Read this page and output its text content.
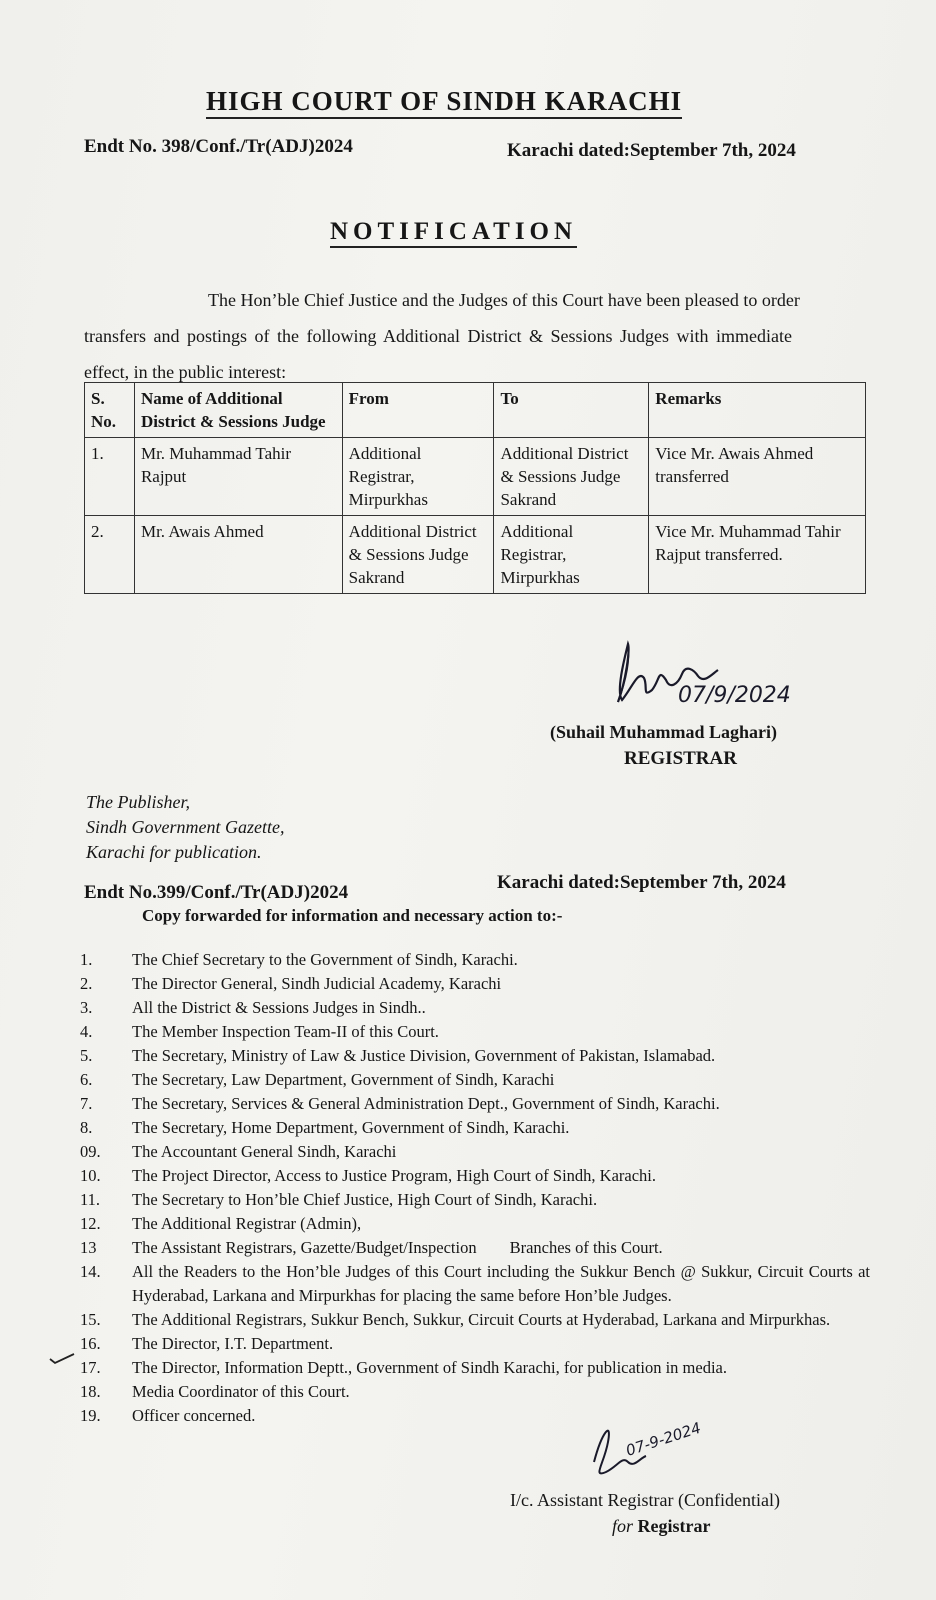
HIGH COURT OF SINDH KARACHI
Endt No. 398/Conf./Tr(ADJ)2024	Karachi dated:September 7th, 2024
NOTIFICATION
The Hon’ble Chief Justice and the Judges of this Court have been pleased to order
transfers and postings of the following Additional District & Sessions Judges with immediate
effect, in the public interest:
S. No.	Name of Additional District & Sessions Judge	From	To	Remarks
1.	Mr. Muhammad Tahir Rajput	Additional Registrar, Mirpurkhas	Additional District & Sessions Judge Sakrand	Vice Mr. Awais Ahmed transferred
2.	Mr. Awais Ahmed	Additional District & Sessions Judge Sakrand	Additional Registrar, Mirpurkhas	Vice Mr. Muhammad Tahir Rajput transferred.
07/9/2024
(Suhail Muhammad Laghari)
REGISTRAR
The Publisher,
Sindh Government Gazette,
Karachi for publication.
Endt No.399/Conf./Tr(ADJ)2024	Karachi dated:September 7th, 2024
Copy forwarded for information and necessary action to:-
1.	The Chief Secretary to the Government of Sindh, Karachi.
2.	The Director General, Sindh Judicial Academy, Karachi
3.	All the District & Sessions Judges in Sindh..
4.	The Member Inspection Team-II of this Court.
5.	The Secretary, Ministry of Law & Justice Division, Government of Pakistan, Islamabad.
6.	The Secretary, Law Department, Government of Sindh, Karachi
7.	The Secretary, Services & General Administration Dept., Government of Sindh, Karachi.
8.	The Secretary, Home Department, Government of Sindh, Karachi.
09.	The Accountant General Sindh, Karachi
10.	The Project Director, Access to Justice Program, High Court of Sindh, Karachi.
11.	The Secretary to Hon’ble Chief Justice, High Court of Sindh, Karachi.
12.	The Additional Registrar (Admin),
13	The Assistant Registrars, Gazette/Budget/Inspection        Branches of this Court.
14.	All the Readers to the Hon’ble Judges of this Court including the Sukkur Bench @ Sukkur, Circuit Courts at Hyderabad, Larkana and Mirpurkhas for placing the same before Hon’ble Judges.
15.	The Additional Registrars, Sukkur Bench, Sukkur, Circuit Courts at Hyderabad, Larkana and Mirpurkhas.
16.	The Director, I.T. Department.
17.	The Director, Information Deptt., Government of Sindh Karachi, for publication in media.
18.	Media Coordinator of this Court.
19.	Officer concerned.
07-9-2024
I/c. Assistant Registrar (Confidential)
for Registrar
